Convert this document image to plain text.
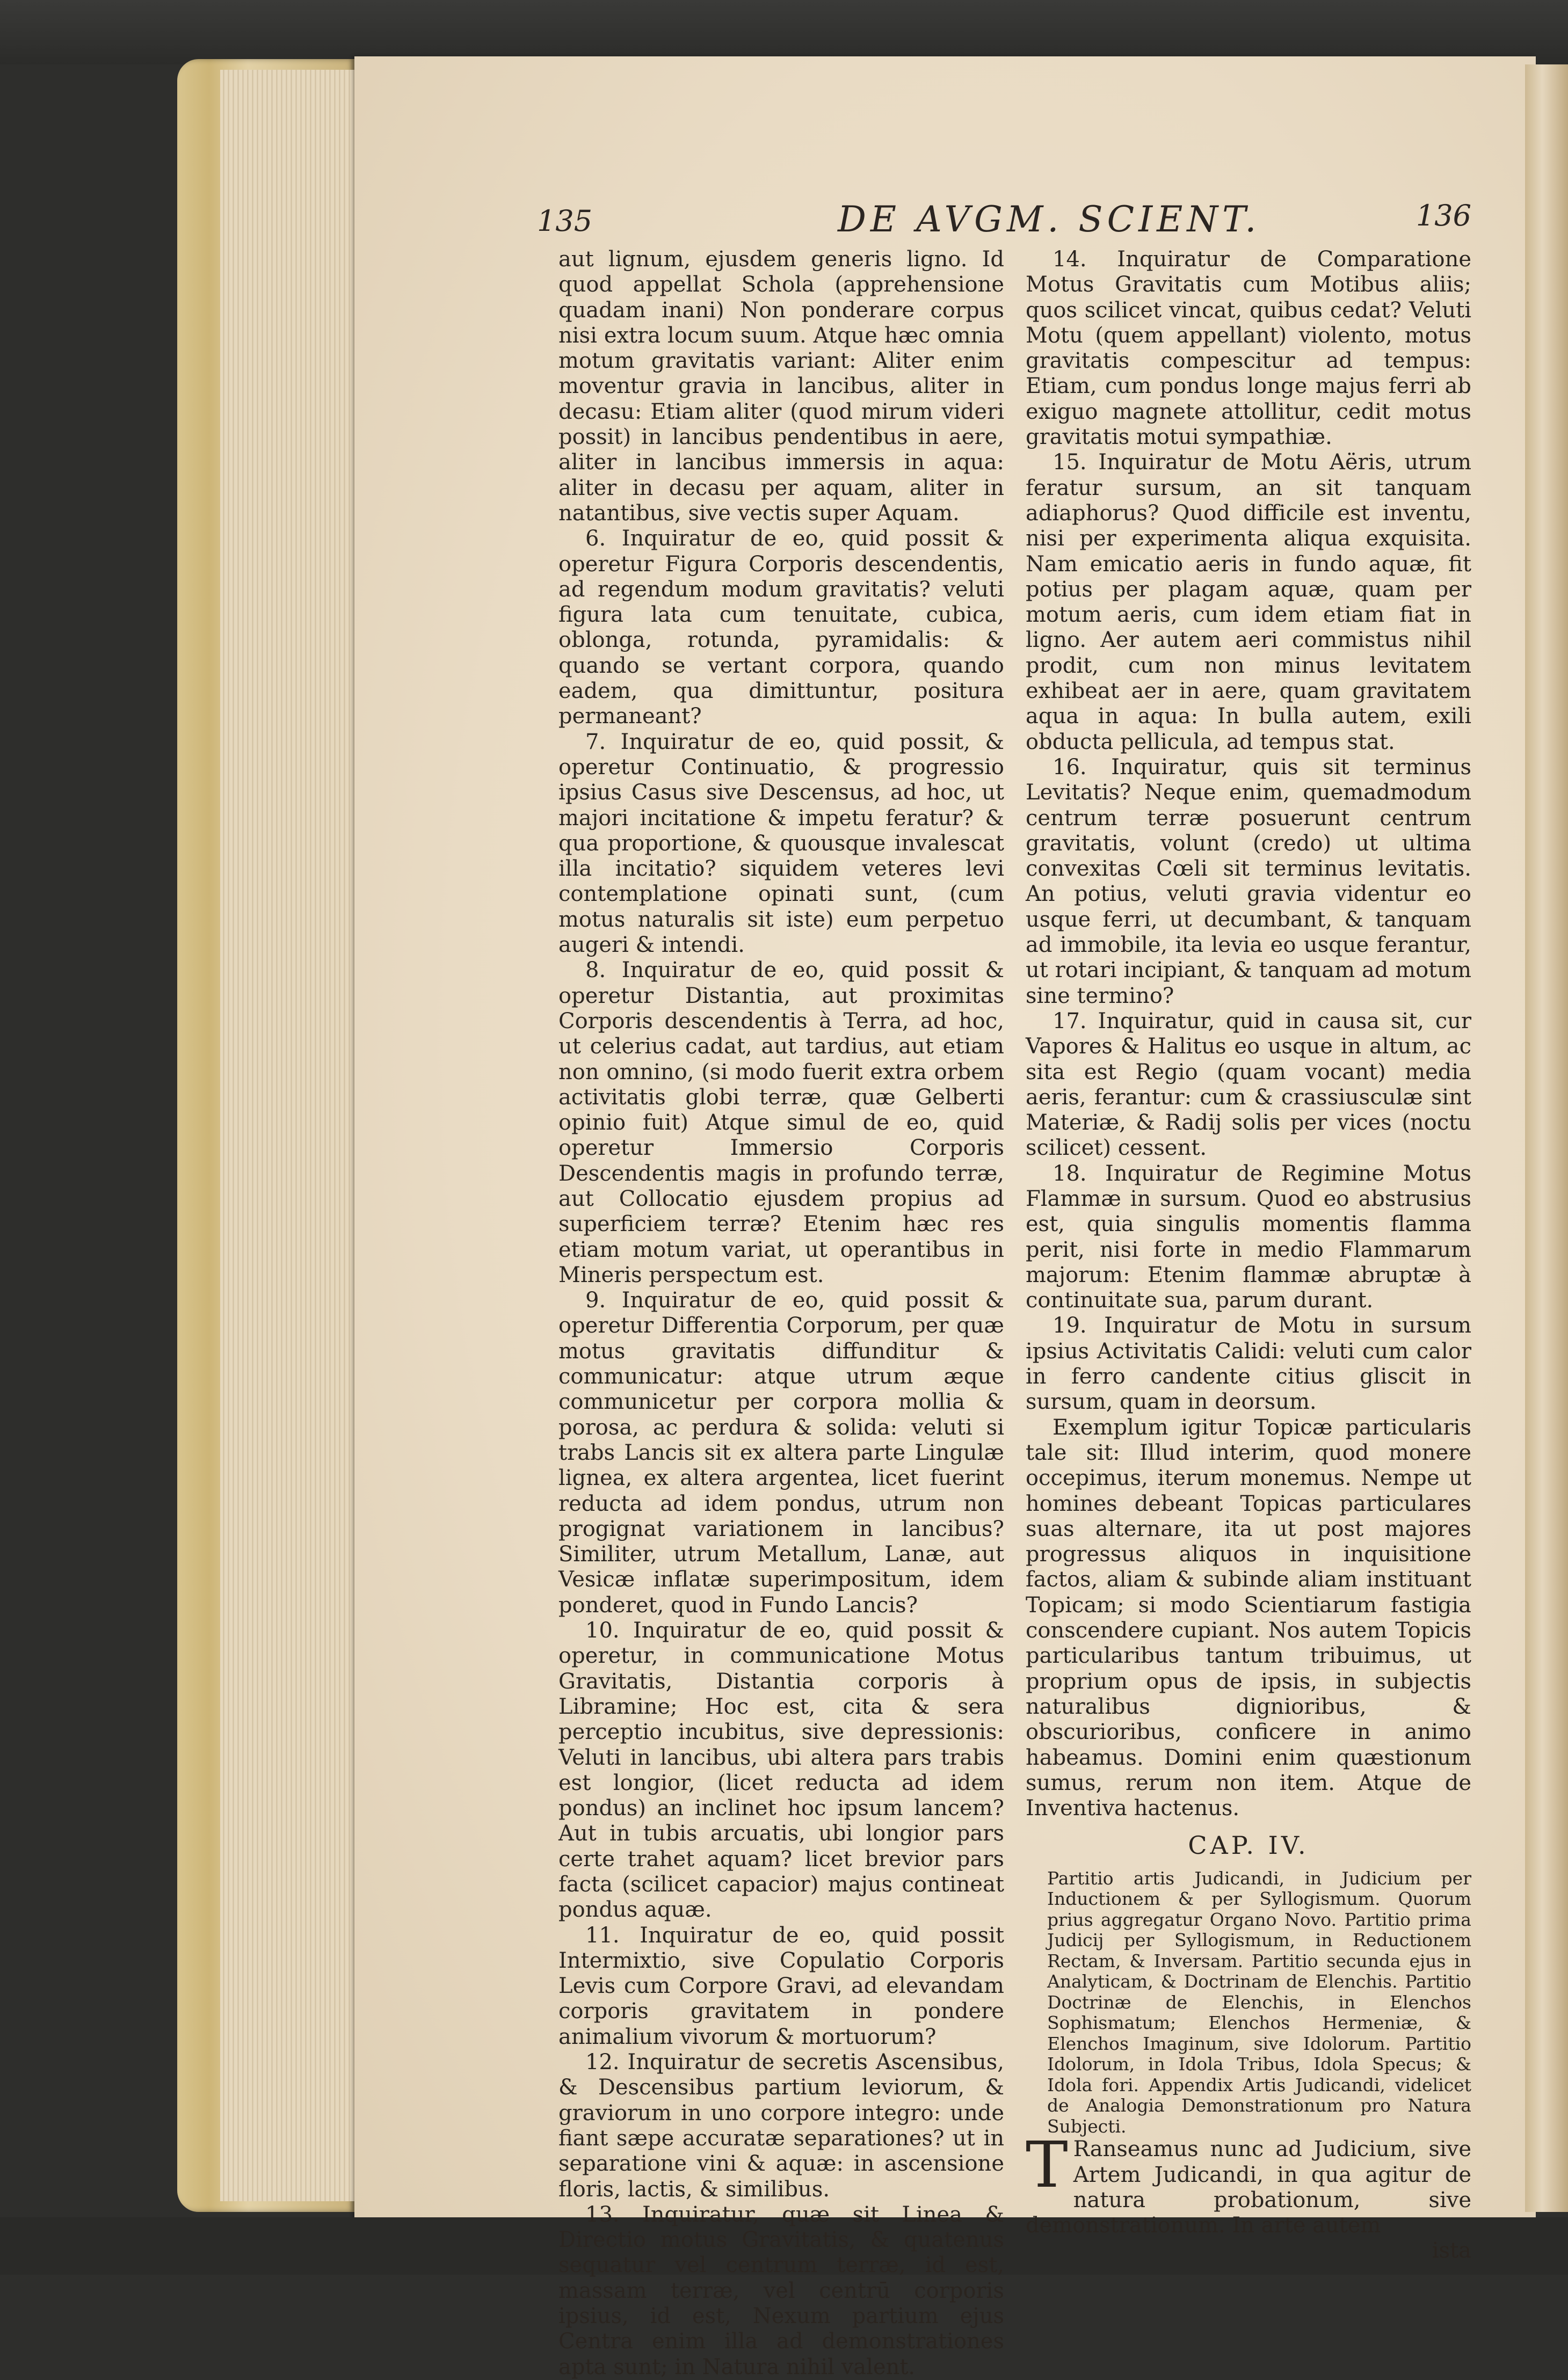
135	DE AVGM. SCIENT.	136

aut lignum, ejusdem generis ligno. Id quod appellat Schola (apprehensione quadam inani) Non ponderare corpus nisi extra locum suum. Atque hæc omnia motum gravitatis variant: Aliter enim moventur gravia in lancibus, aliter in decasu: Etiam aliter (quod mirum videri possit) in lancibus pendentibus in aere, aliter in lancibus immersis in aqua: aliter in decasu per aquam, aliter in natantibus, sive vectis super Aquam.

6. Inquiratur de eo, quid possit & operetur Figura Corporis descendentis, ad regendum modum gravitatis? veluti figura lata cum tenuitate, cubica, oblonga, rotunda, pyramidalis: & quando se vertant corpora, quando eadem, qua dimittuntur, positura permaneant?

7. Inquiratur de eo, quid possit, & operetur Continuatio, & progressio ipsius Casus sive Descensus, ad hoc, ut majori incitatione & impetu feratur? & qua proportione, & quousque invalescat illa incitatio? siquidem veteres levi contemplatione opinati sunt, (cum motus naturalis sit iste) eum perpetuo augeri & intendi.

8. Inquiratur de eo, quid possit & operetur Distantia, aut proximitas Corporis descendentis à Terra, ad hoc, ut celerius cadat, aut tardius, aut etiam non omnino, (si modo fuerit extra orbem activitatis globi terræ, quæ Gelberti opinio fuit) Atque simul de eo, quid operetur Immersio Corporis Descendentis magis in profundo terræ, aut Collocatio ejusdem propius ad superficiem terræ? Etenim hæc res etiam motum variat, ut operantibus in Mineris perspectum est.

9. Inquiratur de eo, quid possit & operetur Differentia Corporum, per quæ motus gravitatis diffunditur & communicatur: atque utrum æque communicetur per corpora mollia & porosa, ac perdura & solida: veluti si trabs Lancis sit ex altera parte Lingulæ lignea, ex altera argentea, licet fuerint reducta ad idem pondus, utrum non progignat variationem in lancibus? Similiter, utrum Metallum, Lanæ, aut Vesicæ inflatæ superimpositum, idem ponderet, quod in Fundo Lancis?

10. Inquiratur de eo, quid possit & operetur, in communicatione Motus Gravitatis, Distantia corporis à Libramine; Hoc est, cita & sera perceptio incubitus, sive depressionis: Veluti in lancibus, ubi altera pars trabis est longior, (licet reducta ad idem pondus) an inclinet hoc ipsum lancem? Aut in tubis arcuatis, ubi longior pars certe trahet aquam? licet brevior pars facta (scilicet capacior) majus contineat pondus aquæ.

11. Inquiratur de eo, quid possit Intermixtio, sive Copulatio Corporis Levis cum Corpore Gravi, ad elevandam corporis gravitatem in pondere animalium vivorum & mortuorum?

12. Inquiratur de secretis Ascensibus, & Descensibus partium leviorum, & graviorum in uno corpore integro: unde fiant sæpe accuratæ separationes? ut in separatione vini & aquæ: in ascensione floris, lactis, & similibus.

13. Inquiratur, quæ sit Linea & Directio motus Gravitatis, & quatenus sequatur vel centrum terræ, id est, massam terræ, vel centrū corporis ipsius, id est, Nexum partium ejus Centra enim illa ad demonstrationes apta sunt; in Natura nihil valent.

14. Inquiratur de Comparatione Motus Gravitatis cum Motibus aliis; quos scilicet vincat, quibus cedat? Veluti Motu (quem appellant) violento, motus gravitatis compescitur ad tempus: Etiam, cum pondus longe majus ferri ab exiguo magnete attollitur, cedit motus gravitatis motui sympathiæ.

15. Inquiratur de Motu Aëris, utrum feratur sursum, an sit tanquam adiaphorus? Quod difficile est inventu, nisi per experimenta aliqua exquisita. Nam emicatio aeris in fundo aquæ, fit potius per plagam aquæ, quam per motum aeris, cum idem etiam fiat in ligno. Aer autem aeri commistus nihil prodit, cum non minus levitatem exhibeat aer in aere, quam gravitatem aqua in aqua: In bulla autem, exili obducta pellicula, ad tempus stat.

16. Inquiratur, quis sit terminus Levitatis? Neque enim, quemadmodum centrum terræ posuerunt centrum gravitatis, volunt (credo) ut ultima convexitas Cœli sit terminus levitatis. An potius, veluti gravia videntur eo usque ferri, ut decumbant, & tanquam ad immobile, ita levia eo usque ferantur, ut rotari incipiant, & tanquam ad motum sine termino?

17. Inquiratur, quid in causa sit, cur Vapores & Halitus eo usque in altum, ac sita est Regio (quam vocant) media aeris, ferantur: cum & crassiusculæ sint Materiæ, & Radij solis per vices (noctu scilicet) cessent.

18. Inquiratur de Regimine Motus Flammæ in sursum. Quod eo abstrusius est, quia singulis momentis flamma perit, nisi forte in medio Flammarum majorum: Etenim flammæ abruptæ à continuitate sua, parum durant.

19. Inquiratur de Motu in sursum ipsius Activitatis Calidi: veluti cum calor in ferro candente citius gliscit in sursum, quam in deorsum.

Exemplum igitur Topicæ particularis tale sit: Illud interim, quod monere occepimus, iterum monemus. Nempe ut homines debeant Topicas particulares suas alternare, ita ut post majores progressus aliquos in inquisitione factos, aliam & subinde aliam instituant Topicam; si modo Scientiarum fastigia conscendere cupiant. Nos autem Topicis particularibus tantum tribuimus, ut proprium opus de ipsis, in subjectis naturalibus dignioribus, & obscurioribus, conficere in animo habeamus. Domini enim quæstionum sumus, rerum non item. Atque de Inventiva hactenus.

CAP. IV.

Partitio artis Judicandi, in Judicium per Inductionem & per Syllogismum. Quorum prius aggregatur Organo Novo. Partitio prima Judicij per Syllogismum, in Reductionem Rectam, & Inversam. Partitio secunda ejus in Analyticam, & Doctrinam de Elenchis. Partitio Doctrinæ de Elenchis, in Elenchos Sophismatum; Elenchos Hermeniæ, & Elenchos Imaginum, sive Idolorum. Partitio Idolorum, in Idola Tribus, Idola Specus; & Idola fori. Appendix Artis Judicandi, videlicet de Analogia Demonstrationum pro Natura Subjecti.

T Ranseamus nunc ad Judicium, sive Artem Judicandi, in qua agitur de natura probationum, sive demonstrationum. In arte autem

ista
